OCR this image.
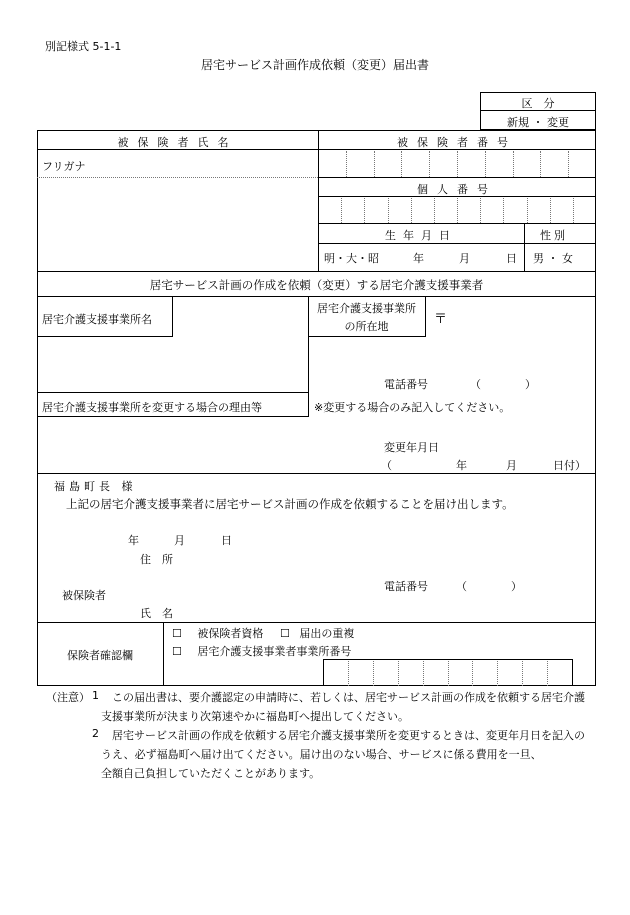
別記様式 5-1-1
居宅サービス計画作成依頼（変更）届出書
区　分
新規 ・ 変更
被保険者氏名	被保険者番号
フリガナ
個人番号
生年月日	性別
明・大・昭	年	月	日 男 ・ 女
居宅サービス計画の作成を依頼（変更）する居宅介護支援事業者
居宅介護支援事業所名
居宅介護支援事業所
の所在地	〒
電話番号	（　　　　）
居宅介護支援事業所を変更する場合の理由等	※変更する場合のみ記入してください。
変更年月日
（	年	月	日付）
福島町長 様
上記の居宅介護支援事業者に居宅サービス計画の作成を依頼することを届け出します。
年	月	日
住　所
電話番号	（　　　　）
被保険者
氏　名
保険者確認欄
☐ 被保険者資格 ☐ 届出の重複
☐ 居宅介護支援事業者事業所番号
（注意） 1 この届出書は、要介護認定の申請時に、若しくは、居宅サービス計画の作成を依頼する居宅介護
支援事業所が決まり次第速やかに福島町へ提出してください。
2 居宅サービス計画の作成を依頼する居宅介護支援事業所を変更するときは、変更年月日を記入の
うえ、必ず福島町へ届け出てください。届け出のない場合、サービスに係る費用を一旦、
全額自己負担していただくことがあります。
